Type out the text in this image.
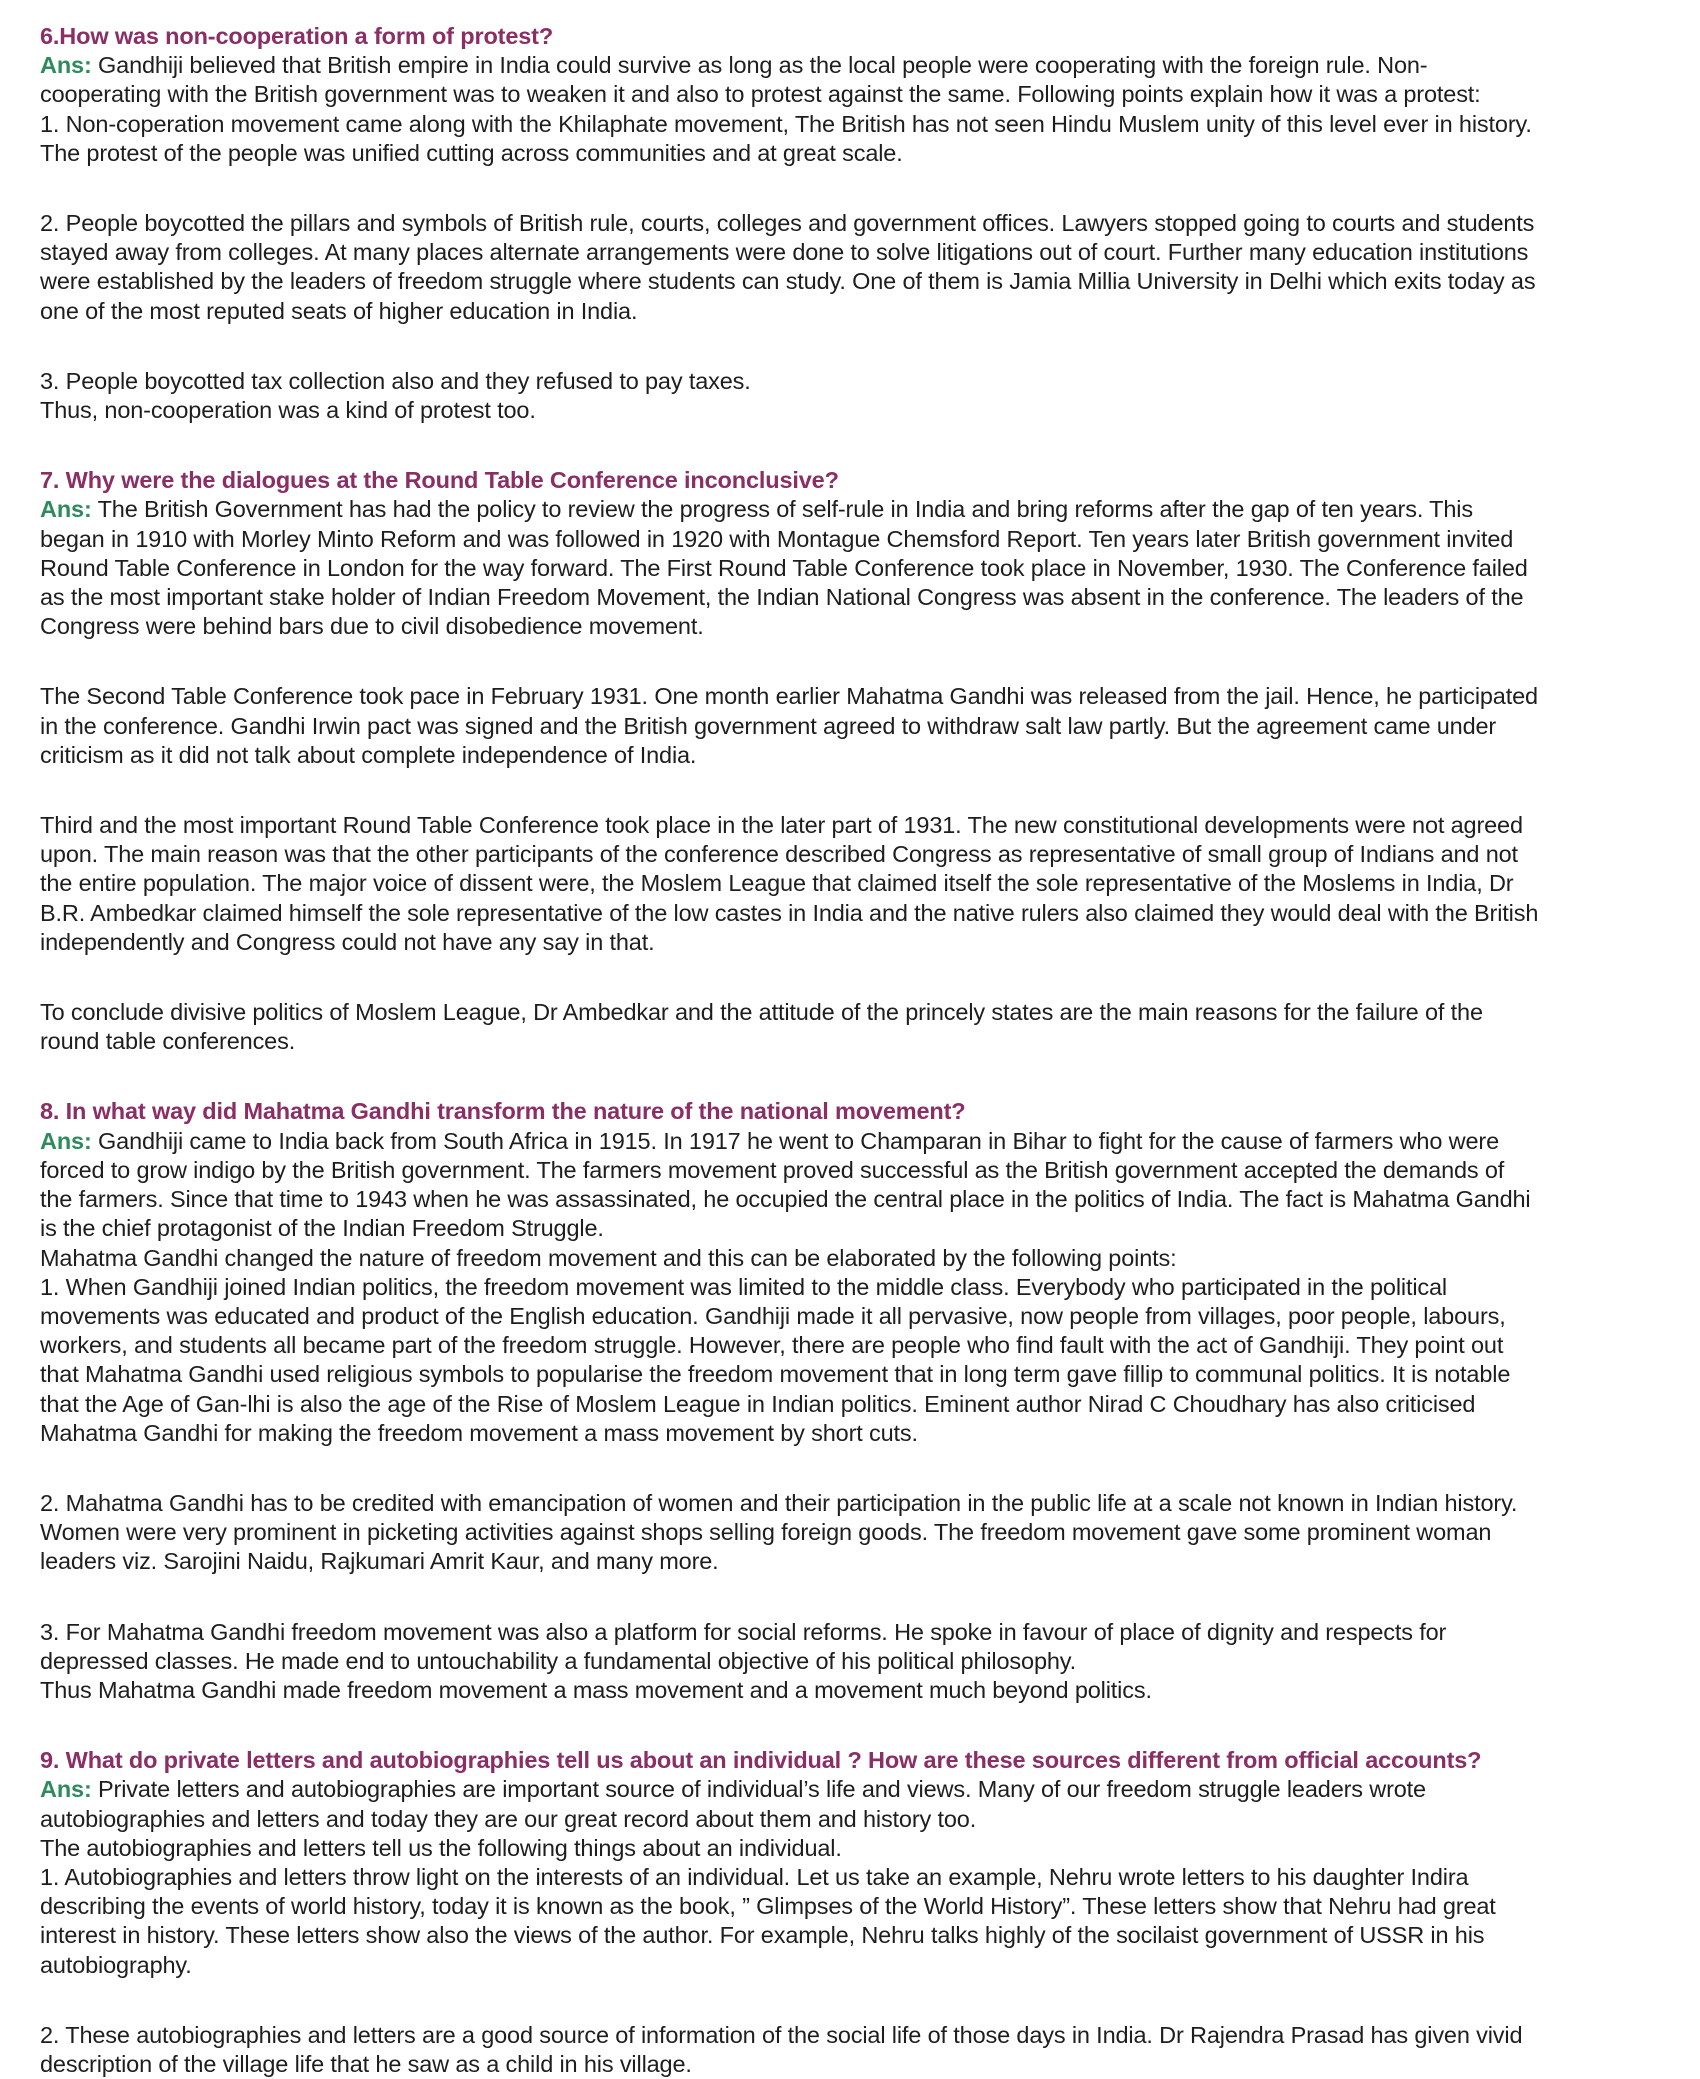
6.How was non-cooperation a form of protest?
Ans: Gandhiji believed that British empire in India could survive as long as the local people were cooperating with the foreign rule. Non-
cooperating with the British government was to weaken it and also to protest against the same. Following points explain how it was a protest:
1. Non-coperation movement came along with the Khilaphate movement, The British has not seen Hindu Muslem unity of this level ever in history.
The protest of the people was unified cutting across communities and at great scale.
2. People boycotted the pillars and symbols of British rule, courts, colleges and government offices. Lawyers stopped going to courts and students
stayed away from colleges. At many places alternate arrangements were done to solve litigations out of court. Further many education institutions
were established by the leaders of freedom struggle where students can study. One of them is Jamia Millia University in Delhi which exits today as
one of the most reputed seats of higher education in India.
3. People boycotted tax collection also and they refused to pay taxes.
Thus, non-cooperation was a kind of protest too.
7. Why were the dialogues at the Round Table Conference inconclusive?
Ans: The British Government has had the policy to review the progress of self-rule in India and bring reforms after the gap of ten years. This
began in 1910 with Morley Minto Reform and was followed in 1920 with Montague Chemsford Report. Ten years later British government invited
Round Table Conference in London for the way forward. The First Round Table Conference took place in November, 1930. The Conference failed
as the most important stake holder of Indian Freedom Movement, the Indian National Congress was absent in the conference. The leaders of the
Congress were behind bars due to civil disobedience movement.
The Second Table Conference took pace in February 1931. One month earlier Mahatma Gandhi was released from the jail. Hence, he participated
in the conference. Gandhi Irwin pact was signed and the British government agreed to withdraw salt law partly. But the agreement came under
criticism as it did not talk about complete independence of India.
Third and the most important Round Table Conference took place in the later part of 1931. The new constitutional developments were not agreed
upon. The main reason was that the other participants of the conference described Congress as representative of small group of Indians and not
the entire population. The major voice of dissent were, the Moslem League that claimed itself the sole representative of the Moslems in India, Dr
B.R. Ambedkar claimed himself the sole representative of the low castes in India and the native rulers also claimed they would deal with the British
independently and Congress could not have any say in that.
To conclude divisive politics of Moslem League, Dr Ambedkar and the attitude of the princely states are the main reasons for the failure of the
round table conferences.
8. In what way did Mahatma Gandhi transform the nature of the national movement?
Ans: Gandhiji came to India back from South Africa in 1915. In 1917 he went to Champaran in Bihar to fight for the cause of farmers who were
forced to grow indigo by the British government. The farmers movement proved successful as the British government accepted the demands of
the farmers. Since that time to 1943 when he was assassinated, he occupied the central place in the politics of India. The fact is Mahatma Gandhi
is the chief protagonist of the Indian Freedom Struggle.
Mahatma Gandhi changed the nature of freedom movement and this can be elaborated by the following points:
1. When Gandhiji joined Indian politics, the freedom movement was limited to the middle class. Everybody who participated in the political
movements was educated and product of the English education. Gandhiji made it all pervasive, now people from villages, poor people, labours,
workers, and students all became part of the freedom struggle. However, there are people who find fault with the act of Gandhiji. They point out
that Mahatma Gandhi used religious symbols to popularise the freedom movement that in long term gave fillip to communal politics. It is notable
that the Age of Gan-lhi is also the age of the Rise of Moslem League in Indian politics. Eminent author Nirad C Choudhary has also criticised
Mahatma Gandhi for making the freedom movement a mass movement by short cuts.
2. Mahatma Gandhi has to be credited with emancipation of women and their participation in the public life at a scale not known in Indian history.
Women were very prominent in picketing activities against shops selling foreign goods. The freedom movement gave some prominent woman
leaders viz. Sarojini Naidu, Rajkumari Amrit Kaur, and many more.
3. For Mahatma Gandhi freedom movement was also a platform for social reforms. He spoke in favour of place of dignity and respects for
depressed classes. He made end to untouchability a fundamental objective of his political philosophy.
Thus Mahatma Gandhi made freedom movement a mass movement and a movement much beyond politics.
9. What do private letters and autobiographies tell us about an individual ? How are these sources different from official accounts?
Ans: Private letters and autobiographies are important source of individual’s life and views. Many of our freedom struggle leaders wrote
autobiographies and letters and today they are our great record about them and history too.
The autobiographies and letters tell us the following things about an individual.
1. Autobiographies and letters throw light on the interests of an individual. Let us take an example, Nehru wrote letters to his daughter Indira
describing the events of world history, today it is known as the book, ” Glimpses of the World History”. These letters show that Nehru had great
interest in history. These letters show also the views of the author. For example, Nehru talks highly of the socilaist government of USSR in his
autobiography.
2. These autobiographies and letters are a good source of information of the social life of those days in India. Dr Rajendra Prasad has given vivid
description of the village life that he saw as a child in his village.
